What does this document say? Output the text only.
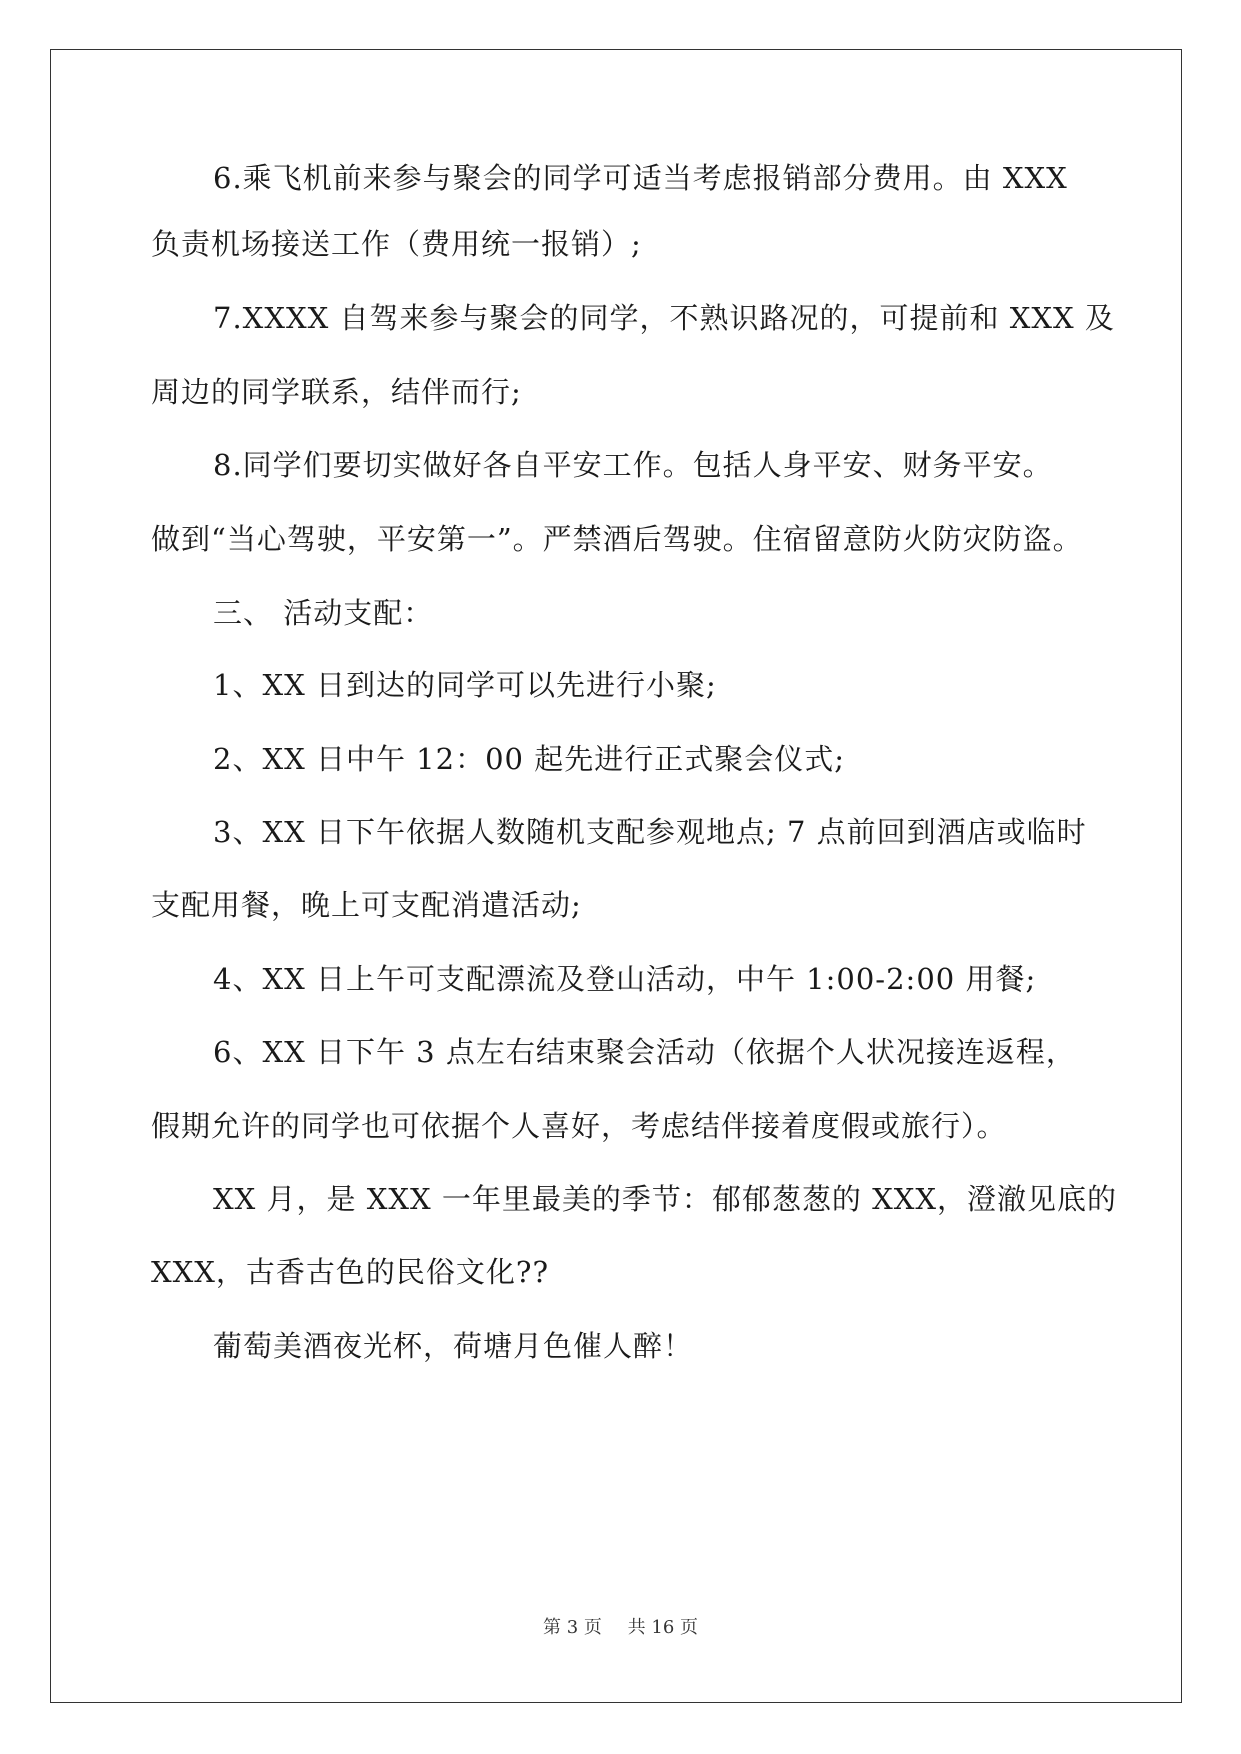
6.乘飞机前来参与聚会的同学可适当考虑报销部分费用。由 XXX
负责机场接送工作（费用统一报销）;
7.XXXX 自驾来参与聚会的同学，不熟识路况的，可提前和 XXX 及
周边的同学联系，结伴而行;
8.同学们要切实做好各自平安工作。包括人身平安、财务平安。
做到“当心驾驶，平安第一”。严禁酒后驾驶。住宿留意防火防灾防盗。
三、 活动支配：
1、XX 日到达的同学可以先进行小聚;
2、XX 日中午 12：00 起先进行正式聚会仪式;
3、XX 日下午依据人数随机支配参观地点; 7 点前回到酒店或临时
支配用餐，晚上可支配消遣活动;
4、XX 日上午可支配漂流及登山活动，中午 1:00-2:00 用餐;
6、XX 日下午 3 点左右结束聚会活动（依据个人状况接连返程，
假期允许的同学也可依据个人喜好，考虑结伴接着度假或旅行）。
XX 月，是 XXX 一年里最美的季节：郁郁葱葱的 XXX，澄澈见底的
XXX，古香古色的民俗文化??
葡萄美酒夜光杯，荷塘月色催人醉！
第 3 页 共 16 页
